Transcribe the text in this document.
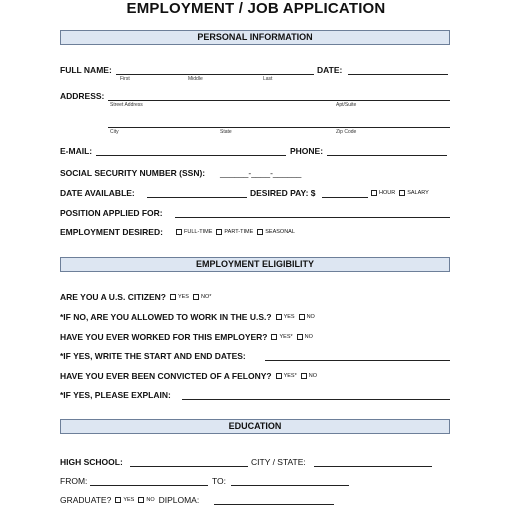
EMPLOYMENT / JOB APPLICATION
PERSONAL INFORMATION
FULL NAME:
First	Middle	Last
DATE:
ADDRESS:
Street Address	Apt/Suite
City	State	Zip Code
E-MAIL:	PHONE:
SOCIAL SECURITY NUMBER (SSN): ______-____-______
DATE AVAILABLE:	DESIRED PAY: $	HOUR SALARY
POSITION APPLIED FOR:
EMPLOYMENT DESIRED:	FULL-TIME PART-TIME SEASONAL
EMPLOYMENT ELIGIBILITY
ARE YOU A U.S. CITIZEN? YES NO*
*IF NO, ARE YOU ALLOWED TO WORK IN THE U.S.? YES NO
HAVE YOU EVER WORKED FOR THIS EMPLOYER? YES* NO
*IF YES, WRITE THE START AND END DATES:
HAVE YOU EVER BEEN CONVICTED OF A FELONY? YES* NO
*IF YES, PLEASE EXPLAIN:
EDUCATION
HIGH SCHOOL:	CITY / STATE:
FROM:	TO:
GRADUATE? YES NO DIPLOMA:
